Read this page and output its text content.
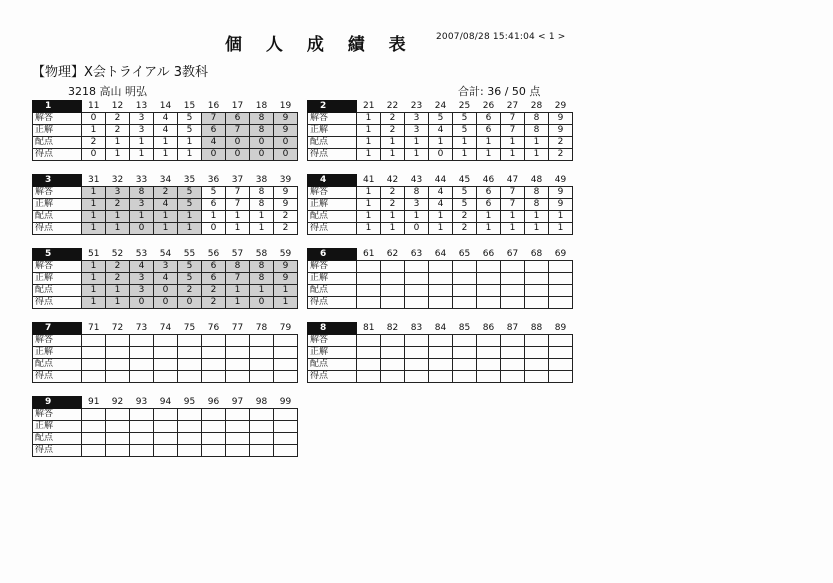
個 人 成 績 表 2007/08/28 15:41:04 < 1 >
【物理】X会トライアル 3教科
3218 高山 明弘	合計: 36 / 50 点
1	11	12	13	14	15	16	17	18	19
解答	0	2	3	4	5	7	6	8	9
正解	1	2	3	4	5	6	7	8	9
配点	2	1	1	1	1	4	0	0	0
得点	0	1	1	1	1	0	0	0	0
2	21	22	23	24	25	26	27	28	29
解答	1	2	3	5	5	6	7	8	9
正解	1	2	3	4	5	6	7	8	9
配点	1	1	1	1	1	1	1	1	2
得点	1	1	1	0	1	1	1	1	2
3	31	32	33	34	35	36	37	38	39
解答	1	3	8	2	5	5	7	8	9
正解	1	2	3	4	5	6	7	8	9
配点	1	1	1	1	1	1	1	1	2
得点	1	1	0	1	1	0	1	1	2
4	41	42	43	44	45	46	47	48	49
解答	1	2	8	4	5	6	7	8	9
正解	1	2	3	4	5	6	7	8	9
配点	1	1	1	1	2	1	1	1	1
得点	1	1	0	1	2	1	1	1	1
5	51	52	53	54	55	56	57	58	59
解答	1	2	4	3	5	6	8	8	9
正解	1	2	3	4	5	6	7	8	9
配点	1	1	3	0	2	2	1	1	1
得点	1	1	0	0	0	2	1	0	1
6	61	62	63	64	65	66	67	68	69
解答									
正解									
配点									
得点									
7	71	72	73	74	75	76	77	78	79
解答									
正解									
配点									
得点									
8	81	82	83	84	85	86	87	88	89
解答									
正解									
配点									
得点									
9	91	92	93	94	95	96	97	98	99
解答									
正解									
配点									
得点									
